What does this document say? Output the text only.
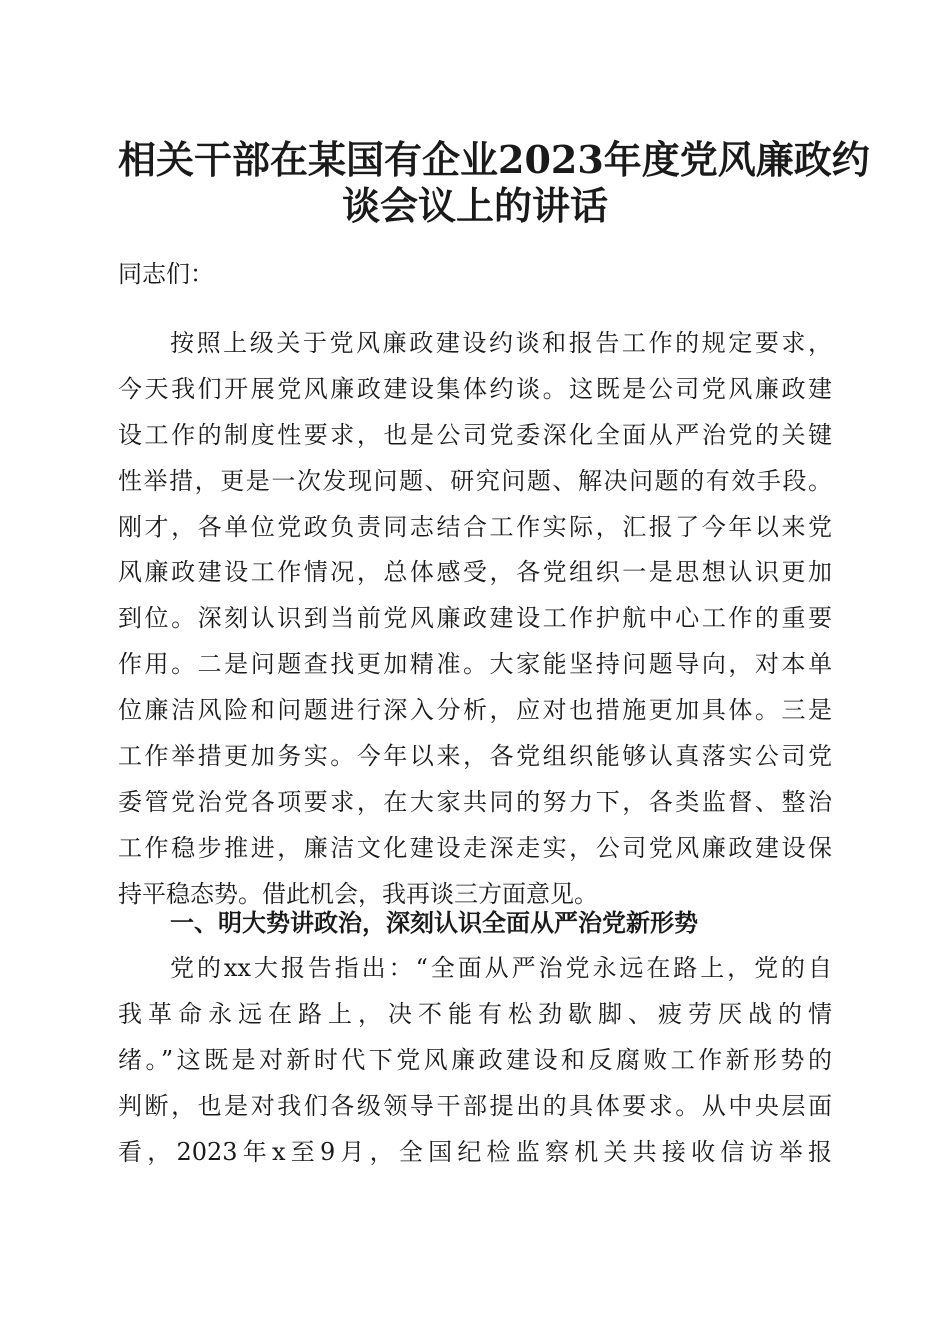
相关干部在某国有企业2023年度党风廉政约
谈会议上的讲话

同志们：

按照上级关于党风廉政建设约谈和报告工作的规定要求，
今天我们开展党风廉政建设集体约谈。这既是公司党风廉政建
设工作的制度性要求，也是公司党委深化全面从严治党的关键
性举措，更是一次发现问题、研究问题、解决问题的有效手段。
刚才，各单位党政负责同志结合工作实际，汇报了今年以来党
风廉政建设工作情况，总体感受，各党组织一是思想认识更加
到位。深刻认识到当前党风廉政建设工作护航中心工作的重要
作用。二是问题查找更加精准。大家能坚持问题导向，对本单
位廉洁风险和问题进行深入分析，应对也措施更加具体。三是
工作举措更加务实。今年以来，各党组织能够认真落实公司党
委管党治党各项要求，在大家共同的努力下，各类监督、整治
工作稳步推进，廉洁文化建设走深走实，公司党风廉政建设保
持平稳态势。借此机会，我再谈三方面意见。

一、明大势讲政治，深刻认识全面从严治党新形势

党的xx大报告指出：“全面从严治党永远在路上，党的自
我革命永远在路上，决不能有松劲歇脚、疲劳厌战的情
绪。”这既是对新时代下党风廉政建设和反腐败工作新形势的
判断，也是对我们各级领导干部提出的具体要求。从中央层面
看，2023年x至9月，全国纪检监察机关共接收信访举报
